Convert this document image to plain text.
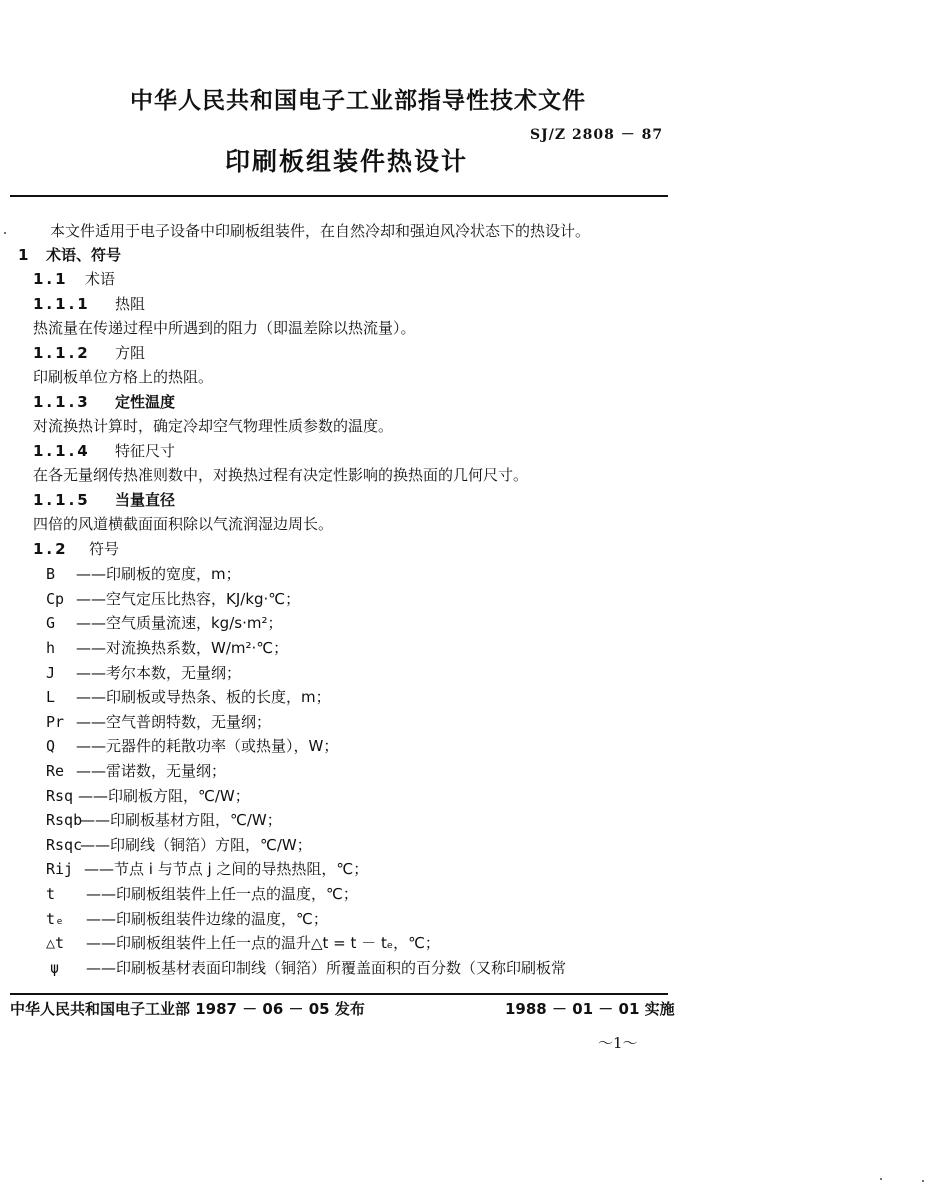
中华人民共和国电子工业部指导性技术文件
SJ/Z 2808 － 87
印刷板组装件热设计
本文件适用于电子设备中印刷板组装件，在自然冷却和强迫风冷状态下的热设计。
1 术语、符号
1.1 术语
1.1.1 热阻
热流量在传递过程中所遇到的阻力（即温差除以热流量）。
1.1.2 方阻
印刷板单位方格上的热阻。
1.1.3 定性温度
对流换热计算时，确定冷却空气物理性质参数的温度。
1.1.4 特征尺寸
在各无量纲传热准则数中，对换热过程有决定性影响的换热面的几何尺寸。
1.1.5 当量直径
四倍的风道横截面面积除以气流润湿边周长。
1.2 符号
B ——印刷板的宽度，m；
Cp ——空气定压比热容，KJ/kg·℃；
G ——空气质量流速，kg/s·m²；
h ——对流换热系数，W/m²·℃；
J ——考尔本数，无量纲；
L ——印刷板或导热条、板的长度，m；
Pr ——空气普朗特数，无量纲；
Q ——元器件的耗散功率（或热量），W；
Re ——雷诺数，无量纲；
Rsq ——印刷板方阻，℃/W；
Rsqb——印刷板基材方阻，℃/W；
Rsqc——印刷线（铜箔）方阻，℃/W；
Rij ——节点 i 与节点 j 之间的导热热阻，℃；
t ——印刷板组装件上任一点的温度，℃；
tₑ ——印刷板组装件边缘的温度，℃；
△t ——印刷板组装件上任一点的温升△t = t － tₑ，℃；
ψ ——印刷板基材表面印制线（铜箔）所覆盖面积的百分数（又称印刷板常
中华人民共和国电子工业部 1987 － 06 － 05 发布	1988 － 01 － 01 实施
～1～
